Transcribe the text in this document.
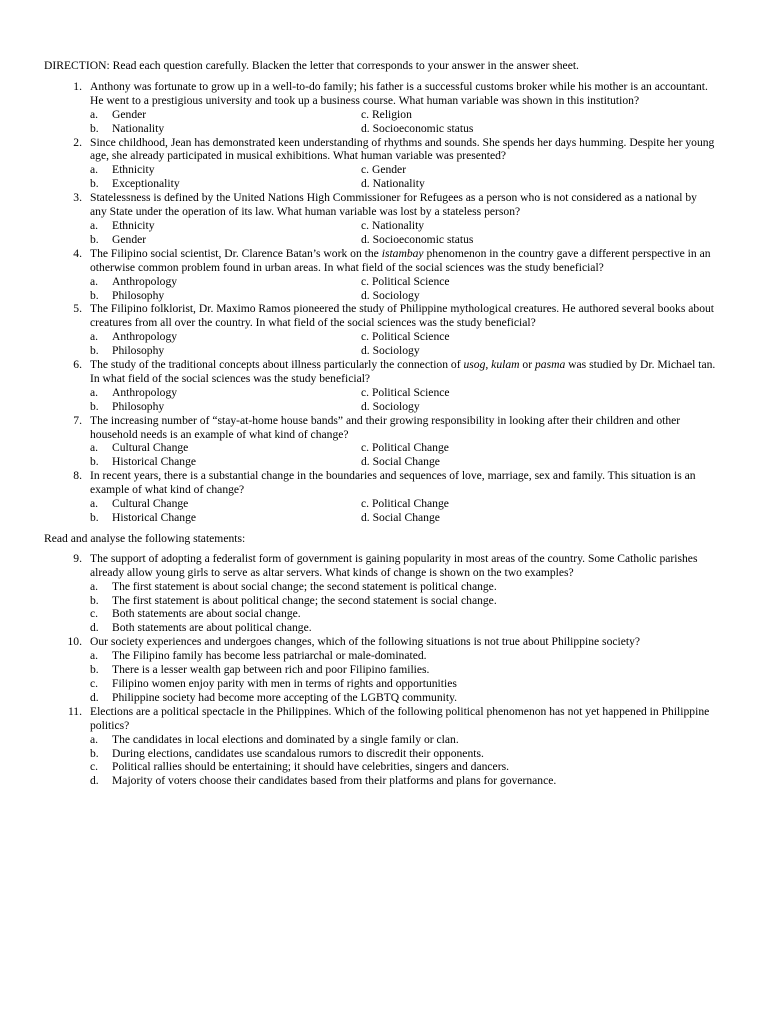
DIRECTION: Read each question carefully. Blacken the letter that corresponds to your answer in the answer sheet.

1. Anthony was fortunate to grow up in a well-to-do family; his father is a successful customs broker while his mother is an accountant. He went to a prestigious university and took up a business course. What human variable was shown in this institution?
a. Gender	c. Religion
b. Nationality	d. Socioeconomic status
2. Since childhood, Jean has demonstrated keen understanding of rhythms and sounds. She spends her days humming. Despite her young age, she already participated in musical exhibitions. What human variable was presented?
a. Ethnicity	c. Gender
b. Exceptionality	d. Nationality
3. Statelessness is defined by the United Nations High Commissioner for Refugees as a person who is not considered as a national by any State under the operation of its law. What human variable was lost by a stateless person?
a. Ethnicity	c. Nationality
b. Gender	d. Socioeconomic status
4. The Filipino social scientist, Dr. Clarence Batan’s work on the istambay phenomenon in the country gave a different perspective in an otherwise common problem found in urban areas. In what field of the social sciences was the study beneficial?
a. Anthropology	c. Political Science
b. Philosophy	d. Sociology
5. The Filipino folklorist, Dr. Maximo Ramos pioneered the study of Philippine mythological creatures. He authored several books about creatures from all over the country. In what field of the social sciences was the study beneficial?
a. Anthropology	c. Political Science
b. Philosophy	d. Sociology
6. The study of the traditional concepts about illness particularly the connection of usog, kulam or pasma was studied by Dr. Michael tan. In what field of the social sciences was the study beneficial?
a. Anthropology	c. Political Science
b. Philosophy	d. Sociology
7. The increasing number of “stay-at-home house bands” and their growing responsibility in looking after their children and other household needs is an example of what kind of change?
a. Cultural Change	c. Political Change
b. Historical Change	d. Social Change
8. In recent years, there is a substantial change in the boundaries and sequences of love, marriage, sex and family. This situation is an example of what kind of change?
a. Cultural Change	c. Political Change
b. Historical Change	d. Social Change

Read and analyse the following statements:

9. The support of adopting a federalist form of government is gaining popularity in most areas of the country. Some Catholic parishes already allow young girls to serve as altar servers. What kinds of change is shown on the two examples?
a. The first statement is about social change; the second statement is political change.
b. The first statement is about political change; the second statement is social change.
c. Both statements are about social change.
d. Both statements are about political change.
10. Our society experiences and undergoes changes, which of the following situations is not true about Philippine society?
a. The Filipino family has become less patriarchal or male-dominated.
b. There is a lesser wealth gap between rich and poor Filipino families.
c. Filipino women enjoy parity with men in terms of rights and opportunities
d. Philippine society had become more accepting of the LGBTQ community.
11. Elections are a political spectacle in the Philippines. Which of the following political phenomenon has not yet happened in Philippine politics?
a. The candidates in local elections and dominated by a single family or clan.
b. During elections, candidates use scandalous rumors to discredit their opponents.
c. Political rallies should be entertaining; it should have celebrities, singers and dancers.
d. Majority of voters choose their candidates based from their platforms and plans for governance.
